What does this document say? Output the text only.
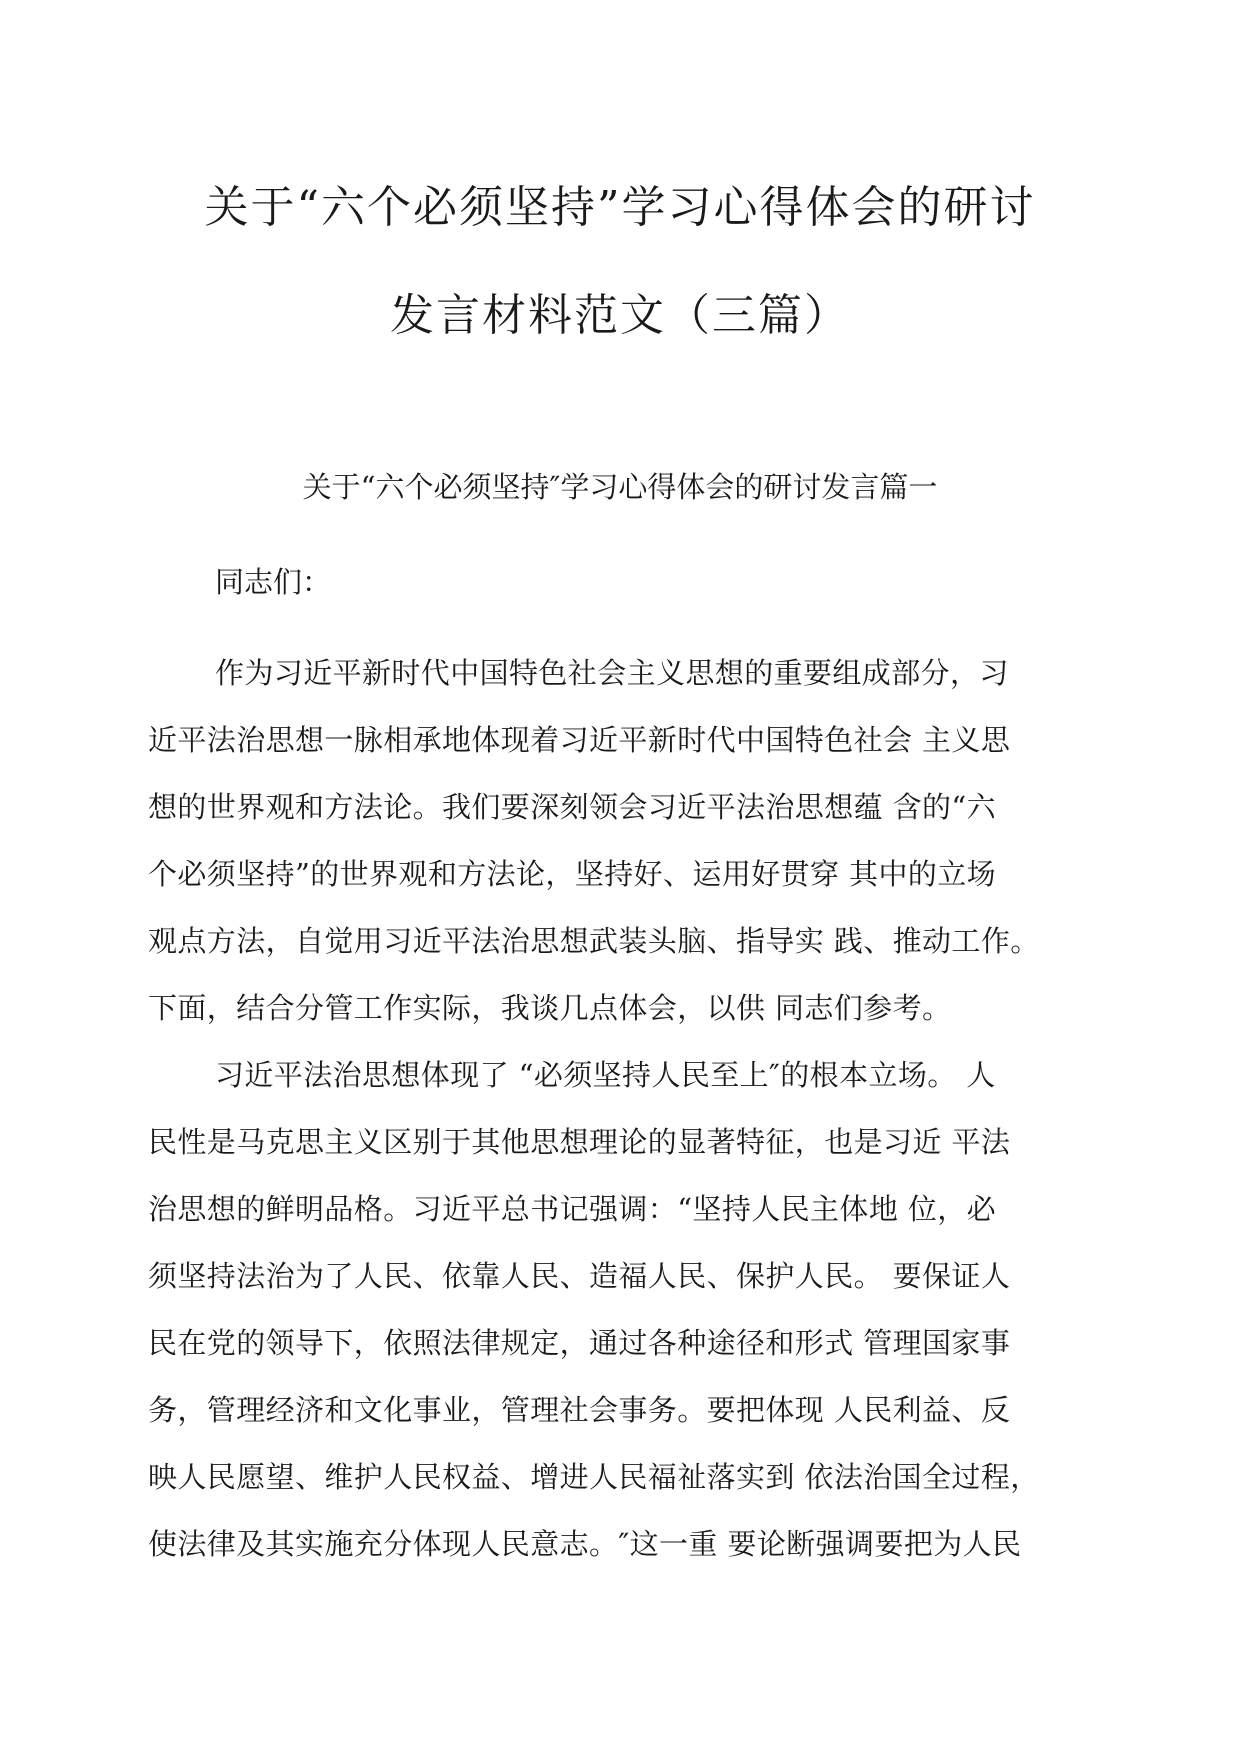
关于“六个必须坚持”学习心得体会的研讨
发言材料范文（三篇）
关于“六个必须坚持″学习心得体会的研讨发言篇一
同志们：
作为习近平新时代中国特色社会主义思想的重要组成部分，习
近平法治思想一脉相承地体现着习近平新时代中国特色社会 主义思
想的世界观和方法论。我们要深刻领会习近平法治思想蕴 含的“六
个必须坚持”的世界观和方法论，坚持好、运用好贯穿 其中的立场
观点方法，自觉用习近平法治思想武装头脑、指导实 践、推动工作。
下面，结合分管工作实际，我谈几点体会，以供 同志们参考。
习近平法治思想体现了 “必须坚持人民至上″的根本立场。 人
民性是马克思主义区别于其他思想理论的显著特征，也是习近 平法
治思想的鲜明品格。习近平总书记强调：“坚持人民主体地 位，必
须坚持法治为了人民、依靠人民、造福人民、保护人民。 要保证人
民在党的领导下，依照法律规定，通过各种途径和形式 管理国家事
务，管理经济和文化事业，管理社会事务。要把体现 人民利益、反
映人民愿望、维护人民权益、增进人民福祉落实到 依法治国全过程，
使法律及其实施充分体现人民意志。″这一重 要论断强调要把为人民
